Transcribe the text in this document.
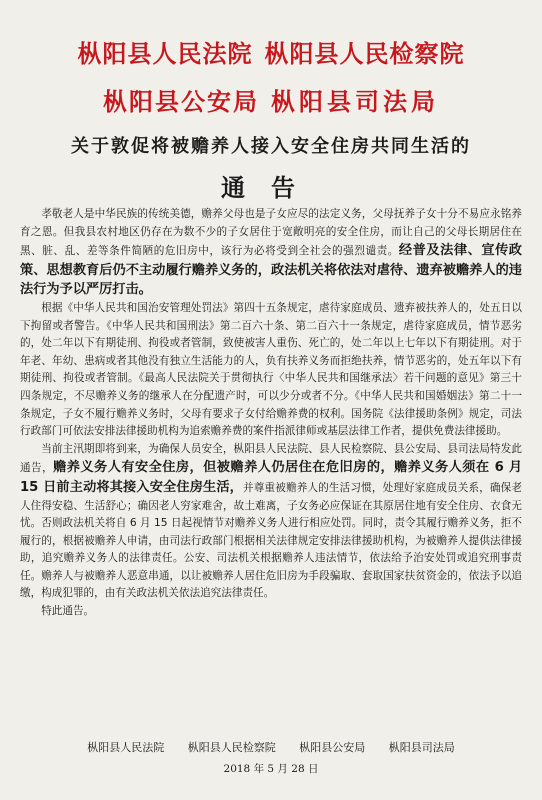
枞阳县人民法院 枞阳县人民检察院
枞阳县公安局 枞阳县司法局
关于敦促将被赡养人接入安全住房共同生活的
通告

孝敬老人是中华民族的传统美德，赡养父母也是子女应尽的法定义务，父母抚养子女十分不易应永铭养育之恩。但我县农村地区仍存在为数不少的子女居住于宽敞明亮的安全住房，而让自己的父母长期居住在黑、脏、乱、差等条件简陋的危旧房中，该行为必将受到全社会的强烈谴责。经普及法律、宣传政策、思想教育后仍不主动履行赡养义务的，政法机关将依法对虐待、遗弃被赡养人的违法行为予以严厉打击。

根据《中华人民共和国治安管理处罚法》第四十五条规定，虐待家庭成员、遗弃被扶养人的，处五日以下拘留或者警告。《中华人民共和国刑法》第二百六十条、第二百六十一条规定，虐待家庭成员，情节恶劣的，处二年以下有期徒刑、拘役或者管制，致使被害人重伤、死亡的，处二年以上七年以下有期徒刑。对于年老、年幼、患病或者其他没有独立生活能力的人，负有扶养义务而拒绝扶养，情节恶劣的，处五年以下有期徒刑、拘役或者管制。《最高人民法院关于贯彻执行〈中华人民共和国继承法〉若干问题的意见》第三十四条规定，不尽赡养义务的继承人在分配遗产时，可以少分或者不分。《中华人民共和国婚姻法》第二十一条规定，子女不履行赡养义务时，父母有要求子女付给赡养费的权利。国务院《法律援助条例》规定，司法行政部门可依法安排法律援助机构为追索赡养费的案件指派律师或基层法律工作者，提供免费法律援助。

当前主汛期即将到来，为确保人员安全，枞阳县人民法院、县人民检察院、县公安局、县司法局特发此通告，赡养义务人有安全住房，但被赡养人仍居住在危旧房的，赡养义务人须在 6 月 15 日前主动将其接入安全住房生活，并尊重被赡养人的生活习惯，处理好家庭成员关系，确保老人住得安稳、生活舒心；确因老人穷家难舍，故土难离，子女务必应保证在其原居住地有安全住房、衣食无忧。否则政法机关将自 6 月 15 日起视情节对赡养义务人进行相应处罚。同时，责令其履行赡养义务，拒不履行的，根据被赡养人申请，由司法行政部门根据相关法律规定安排法律援助机构，为被赡养人提供法律援助，追究赡养义务人的法律责任。公安、司法机关根据赡养人违法情节，依法给予治安处罚或追究刑事责任。赡养人与被赡养人恶意串通，以让被赡养人居住危旧房为手段骗取、套取国家扶贫资金的，依法予以追缴，构成犯罪的，由有关政法机关依法追究法律责任。

特此通告。

枞阳县人民法院 枞阳县人民检察院 枞阳县公安局 枞阳县司法局
2018 年 5 月 28 日
